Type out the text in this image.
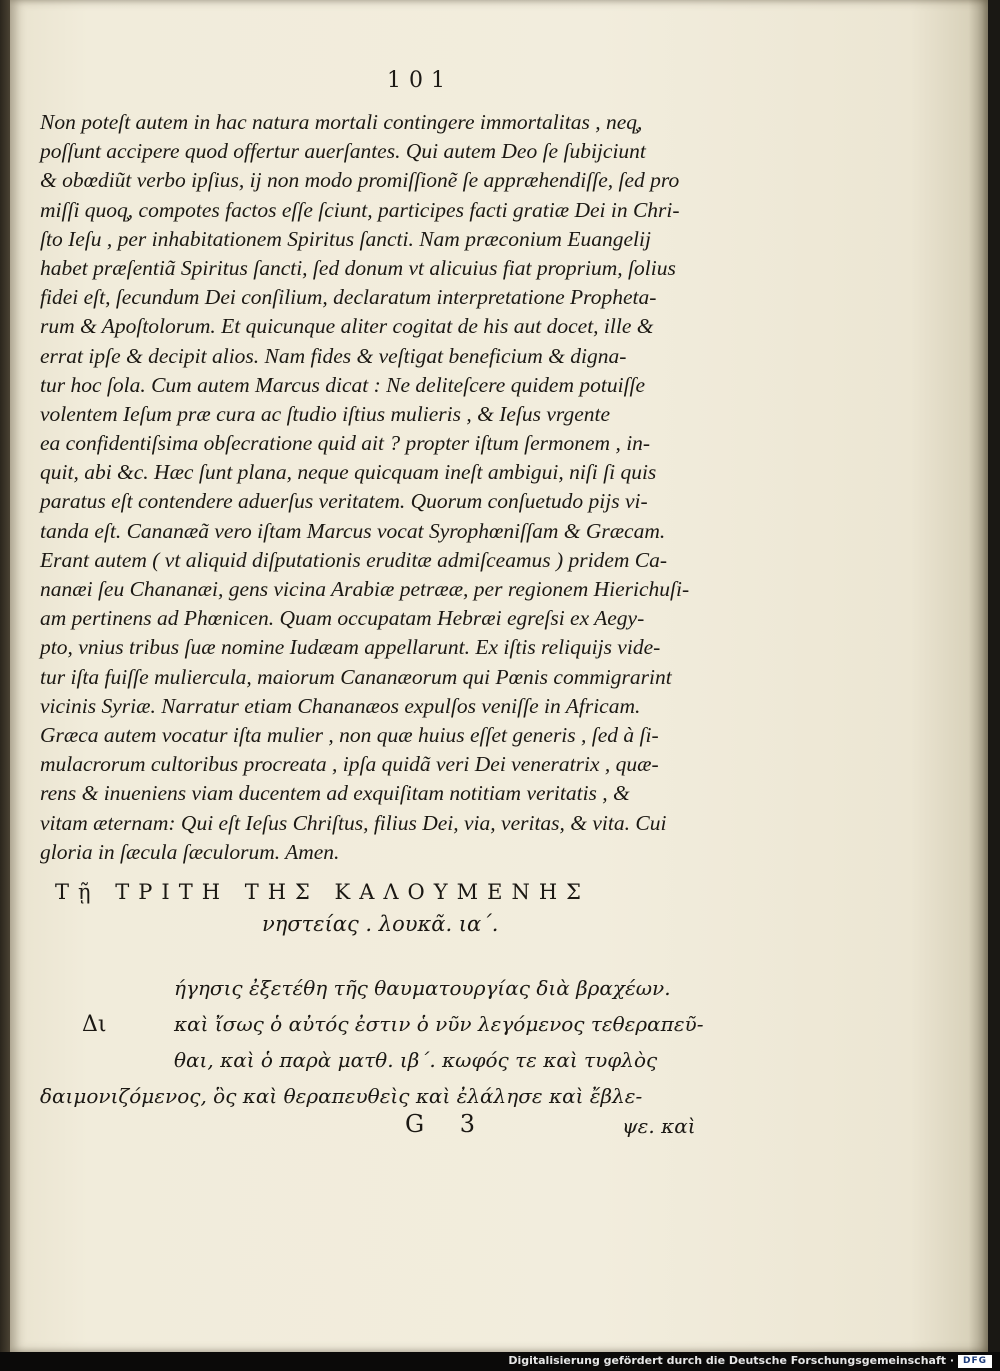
101
Non poteſt autem in hac natura mortali contingere immortalitas , neq̧,
poſſunt accipere quod offertur auerſantes. Qui autem Deo ſe ſubijciunt
& obœdiũt verbo ipſius, ij non modo promiſſionẽ ſe appræhendiſſe, ſed pro
miſſi quoq̧, compotes factos eſſe ſciunt, participes facti gratiæ Dei in Chri-
ſto Ieſu , per inhabitationem Spiritus ſancti. Nam præconium Euangelij
habet præſentiã Spiritus ſancti, ſed donum vt alicuius fiat proprium, ſolius
fidei eſt, ſecundum Dei conſilium, declaratum interpretatione Propheta-
rum & Apoſtolorum. Et quicunque aliter cogitat de his aut docet, ille &
errat ipſe & decipit alios. Nam fides & veſtigat beneficium & digna-
tur hoc ſola. Cum autem Marcus dicat : Ne deliteſcere quidem potuiſſe
volentem Ieſum præ cura ac ſtudio iſtius mulieris , & Ieſus vrgente
ea confidentiſsima obſecratione quid ait ? propter iſtum ſermonem , in-
quit, abi &c. Hæc ſunt plana, neque quicquam ineſt ambigui, niſi ſi quis
paratus eſt contendere aduerſus veritatem. Quorum conſuetudo pijs vi-
tanda eſt. Cananæã vero iſtam Marcus vocat Syrophœniſſam & Græcam.
Erant autem ( vt aliquid diſputationis eruditæ admiſceamus ) pridem Ca-
nanæi ſeu Chananæi, gens vicina Arabiæ petrææ, per regionem Hierichuſi-
am pertinens ad Phœnicen. Quam occupatam Hebræi egreſsi ex Aegy-
pto, vnius tribus ſuæ nomine Iudæam appellarunt. Ex iſtis reliquijs vide-
tur iſta fuiſſe muliercula, maiorum Cananæorum qui Pœnis commigrarint
vicinis Syriæ. Narratur etiam Chananæos expulſos veniſſe in Africam.
Græca autem vocatur iſta mulier , non quæ huius eſſet generis , ſed à ſi-
mulacrorum cultoribus procreata , ipſa quidã veri Dei veneratrix , quæ-
rens & inueniens viam ducentem ad exquiſitam notitiam veritatis , &
vitam æternam: Qui eſt Ieſus Chriſtus, filius Dei, via, veritas, & vita. Cui
gloria in ſæcula ſæculorum. Amen.
Τῇ ΤΡΙΤΗ ΤΗΣ ΚΑΛΟΥΜΕΝΗΣ
νηστείας . λουκᾶ. ια΄.
Δι
ήγησις ἐξετέθη τῆς θαυματουργίας διὰ βραχέων.
καὶ ἴσως ὁ αὐτός ἐστιν ὁ νῦν λεγόμενος τεθεραπεῦ-
θαι, καὶ ὁ παρὰ ματθ. ιβ΄. κωφός τε καὶ τυφλὸς
δαιμονιζόμενος, ὃς καὶ θεραπευθεὶς καὶ ἐλάλησε καὶ ἔβλε-
G 3	ψε. καὶ
Digitalisierung gefördert durch die Deutsche Forschungsgemeinschaft · DFG
